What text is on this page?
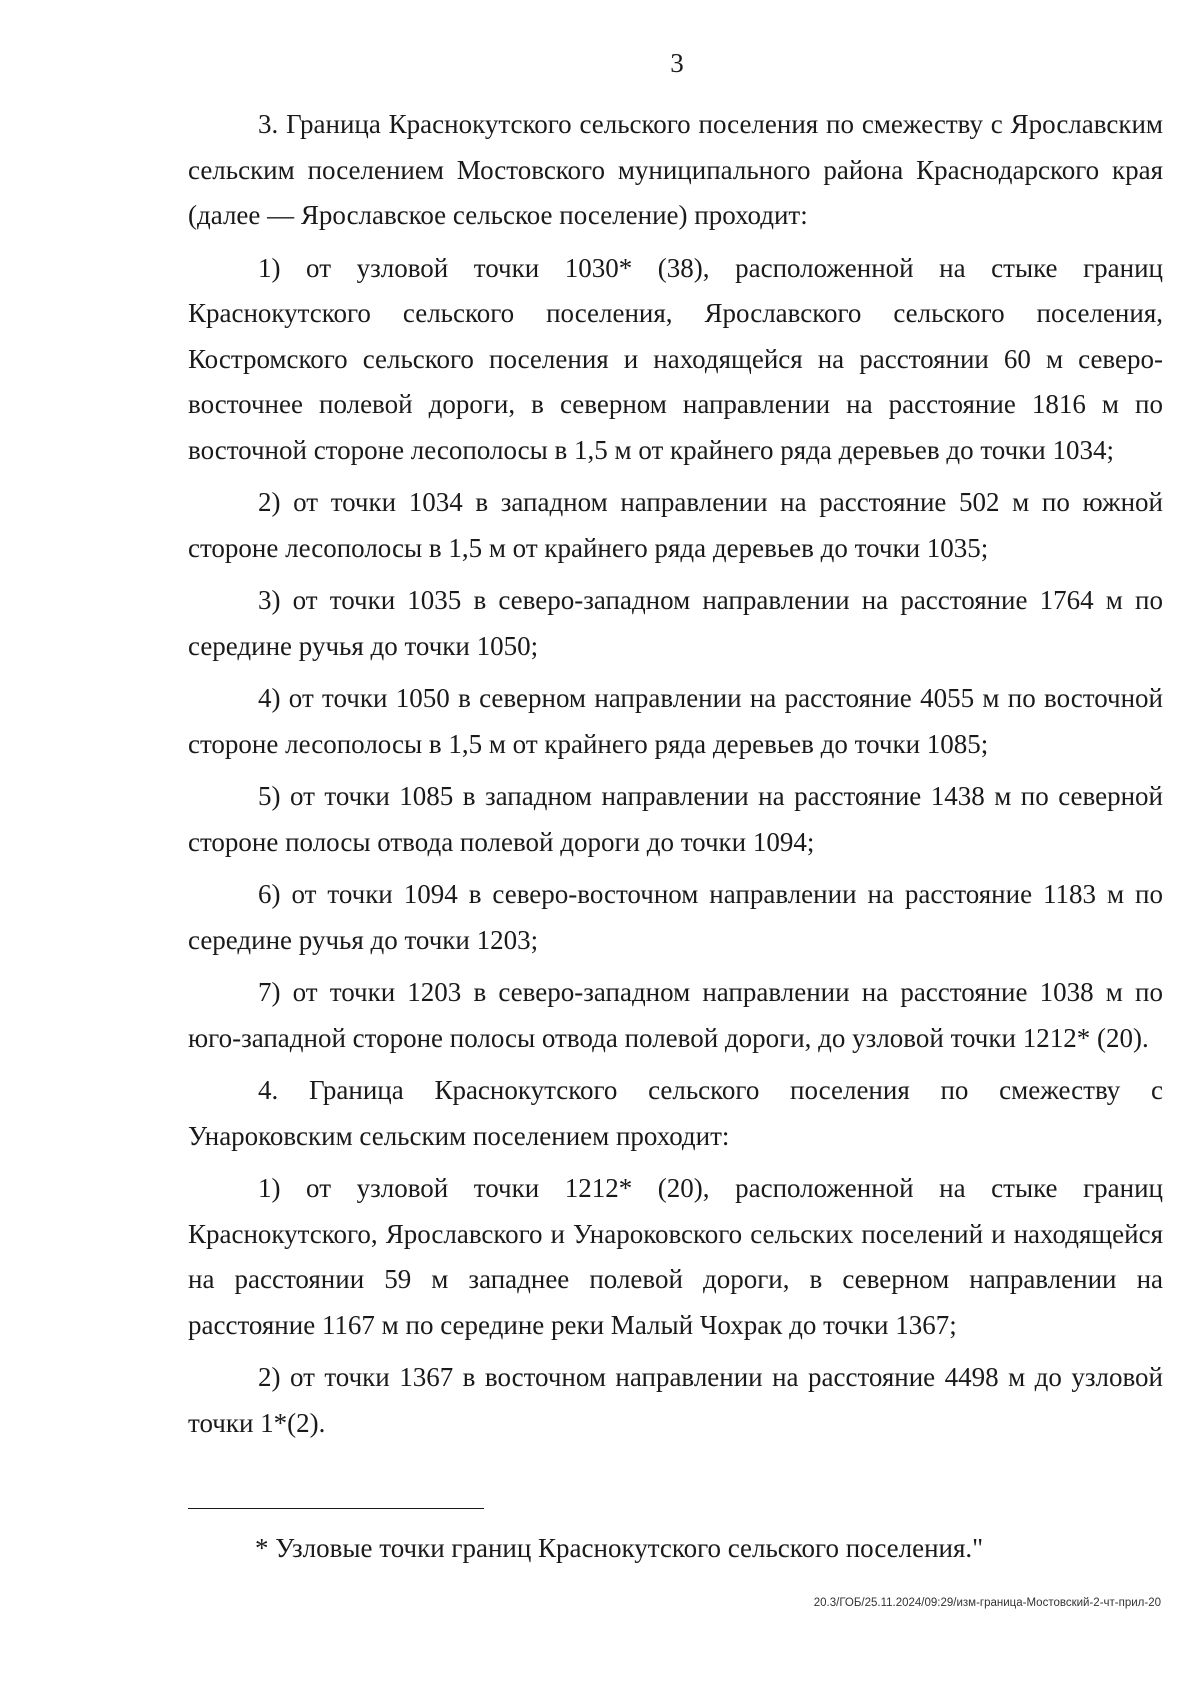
3

3. Граница Краснокутского сельского поселения по смежеству с Ярославским сельским поселением Мостовского муниципального района Краснодарского края (далее — Ярославское сельское поселение) проходит:

1) от узловой точки 1030* (38), расположенной на стыке границ Краснокутского сельского поселения, Ярославского сельского поселения, Костромского сельского поселения и находящейся на расстоянии 60 м северо-восточнее полевой дороги, в северном направлении на расстояние 1816 м по восточной стороне лесополосы в 1,5 м от крайнего ряда деревьев до точки 1034;

2) от точки 1034 в западном направлении на расстояние 502 м по южной стороне лесополосы в 1,5 м от крайнего ряда деревьев до точки 1035;

3) от точки 1035 в северо-западном направлении на расстояние 1764 м по середине ручья до точки 1050;

4) от точки 1050 в северном направлении на расстояние 4055 м по восточной стороне лесополосы в 1,5 м от крайнего ряда деревьев до точки 1085;

5) от точки 1085 в западном направлении на расстояние 1438 м по северной стороне полосы отвода полевой дороги до точки 1094;

6) от точки 1094 в северо-восточном направлении на расстояние 1183 м по середине ручья до точки 1203;

7) от точки 1203 в северо-западном направлении на расстояние 1038 м по юго-западной стороне полосы отвода полевой дороги, до узловой точки 1212* (20).

4. Граница Краснокутского сельского поселения по смежеству с Унароковским сельским поселением проходит:

1) от узловой точки 1212* (20), расположенной на стыке границ Краснокутского, Ярославского и Унароковского сельских поселений и находящейся на расстоянии 59 м западнее полевой дороги, в северном направлении на расстояние 1167 м по середине реки Малый Чохрак до точки 1367;

2) от точки 1367 в восточном направлении на расстояние 4498 м до узловой точки 1*(2).

* Узловые точки границ Краснокутского сельского поселения."
20.3/ГОБ/25.11.2024/09:29/изм-граница-Мостовский-2-чт-прил-20
